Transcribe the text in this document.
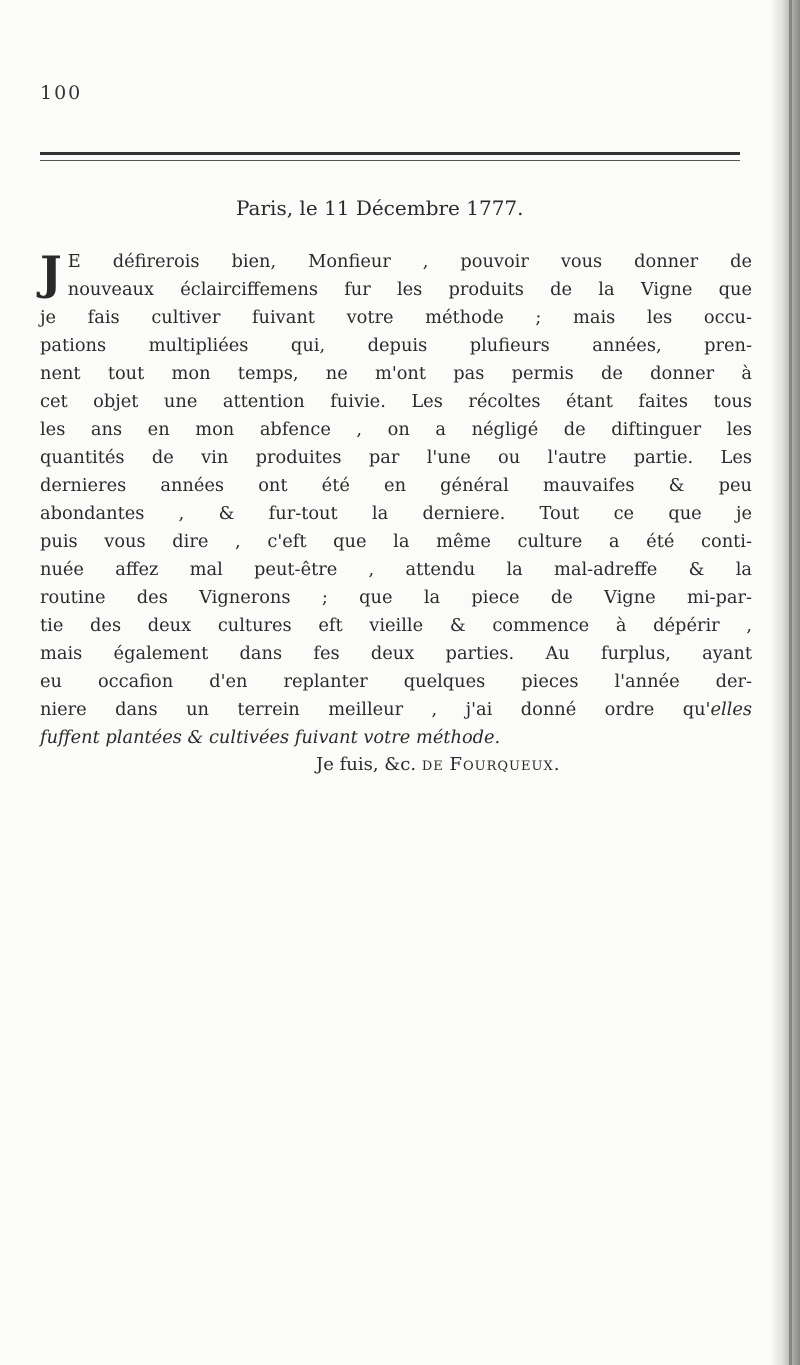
100
Paris, le 11 Décembre 1777.
J E défirerois bien, Monfieur , pouvoir vous donner de
nouveaux éclairciffemens fur les produits de la Vigne que
je fais cultiver fuivant votre méthode ; mais les occu-
pations multipliées qui, depuis plufieurs années, pren-
nent tout mon temps, ne m'ont pas permis de donner à
cet objet une attention fuivie. Les récoltes étant faites tous
les ans en mon abfence , on a négligé de diftinguer les
quantités de vin produites par l'une ou l'autre partie. Les
dernieres années ont été en général mauvaifes & peu
abondantes , & fur-tout la derniere. Tout ce que je
puis vous dire , c'eft que la même culture a été conti-
nuée affez mal peut-être , attendu la mal-adreffe & la
routine des Vignerons ; que la piece de Vigne mi-par-
tie des deux cultures eft vieille & commence à dépérir ,
mais également dans fes deux parties. Au furplus, ayant
eu occafion d'en replanter quelques pieces l'année der-
niere dans un terrein meilleur , j'ai donné ordre qu'elles
fuffent plantées & cultivées fuivant votre méthode.
Je fuis, &c. de Fourqueux.
